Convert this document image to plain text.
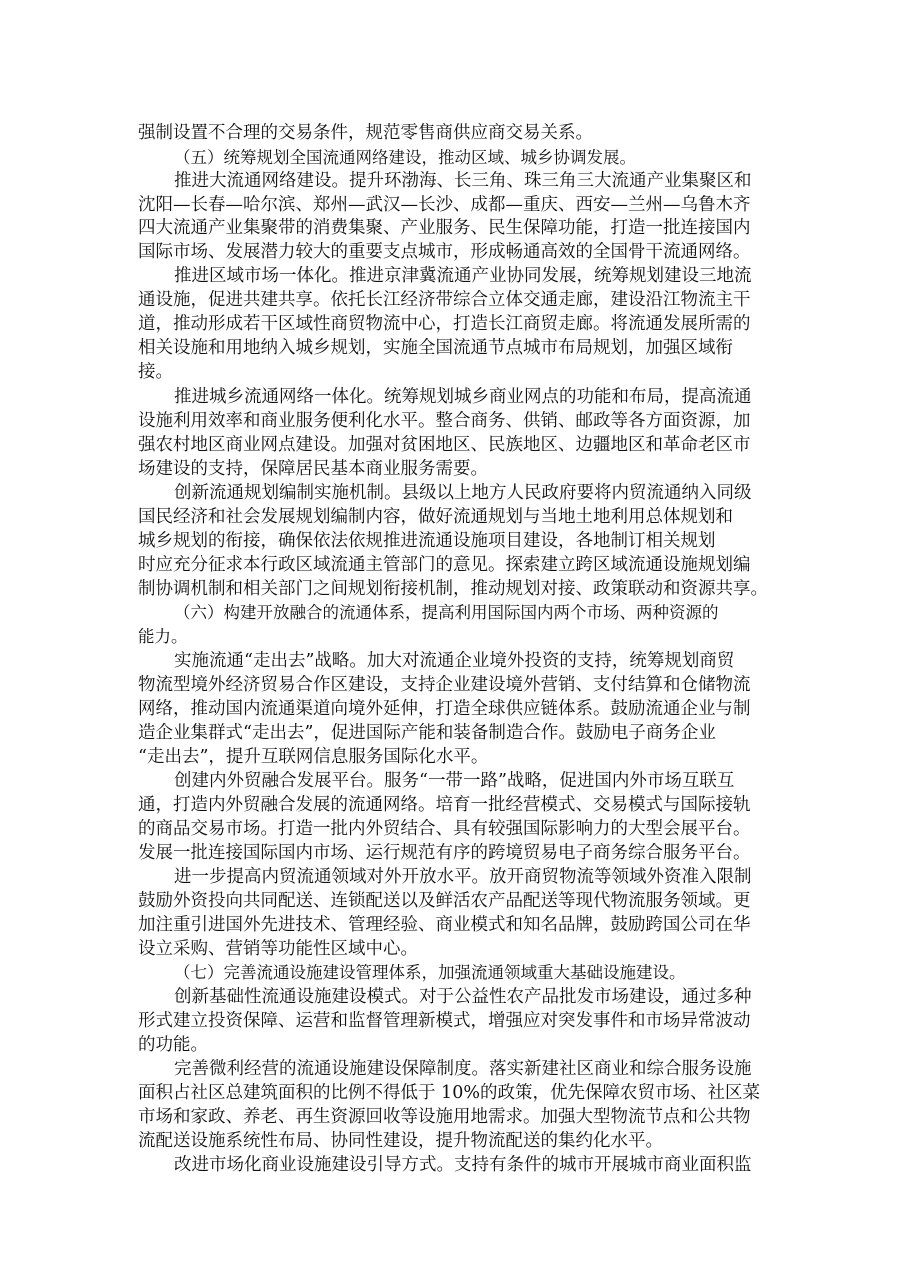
强制设置不合理的交易条件，规范零售商供应商交易关系。
（五）统筹规划全国流通网络建设，推动区域、城乡协调发展。
推进大流通网络建设。提升环渤海、长三角、珠三角三大流通产业集聚区和
沈阳—长春—哈尔滨、郑州—武汉—长沙、成都—重庆、西安—兰州—乌鲁木齐
四大流通产业集聚带的消费集聚、产业服务、民生保障功能，打造一批连接国内
国际市场、发展潜力较大的重要支点城市，形成畅通高效的全国骨干流通网络。
推进区域市场一体化。推进京津冀流通产业协同发展，统筹规划建设三地流
通设施，促进共建共享。依托长江经济带综合立体交通走廊，建设沿江物流主干
道，推动形成若干区域性商贸物流中心，打造长江商贸走廊。将流通发展所需的
相关设施和用地纳入城乡规划，实施全国流通节点城市布局规划，加强区域衔
接。
推进城乡流通网络一体化。统筹规划城乡商业网点的功能和布局，提高流通
设施利用效率和商业服务便利化水平。整合商务、供销、邮政等各方面资源，加
强农村地区商业网点建设。加强对贫困地区、民族地区、边疆地区和革命老区市
场建设的支持，保障居民基本商业服务需要。
创新流通规划编制实施机制。县级以上地方人民政府要将内贸流通纳入同级
国民经济和社会发展规划编制内容，做好流通规划与当地土地利用总体规划和
城乡规划的衔接，确保依法依规推进流通设施项目建设，各地制订相关规划
时应充分征求本行政区域流通主管部门的意见。探索建立跨区域流通设施规划编
制协调机制和相关部门之间规划衔接机制，推动规划对接、政策联动和资源共享。
（六）构建开放融合的流通体系，提高利用国际国内两个市场、两种资源的
能力。
实施流通“走出去”战略。加大对流通企业境外投资的支持，统筹规划商贸
物流型境外经济贸易合作区建设，支持企业建设境外营销、支付结算和仓储物流
网络，推动国内流通渠道向境外延伸，打造全球供应链体系。鼓励流通企业与制
造企业集群式“走出去”，促进国际产能和装备制造合作。鼓励电子商务企业
“走出去”，提升互联网信息服务国际化水平。
创建内外贸融合发展平台。服务“一带一路”战略，促进国内外市场互联互
通，打造内外贸融合发展的流通网络。培育一批经营模式、交易模式与国际接轨
的商品交易市场。打造一批内外贸结合、具有较强国际影响力的大型会展平台。
发展一批连接国际国内市场、运行规范有序的跨境贸易电子商务综合服务平台。
进一步提高内贸流通领域对外开放水平。放开商贸物流等领域外资准入限制
鼓励外资投向共同配送、连锁配送以及鲜活农产品配送等现代物流服务领域。更
加注重引进国外先进技术、管理经验、商业模式和知名品牌，鼓励跨国公司在华
设立采购、营销等功能性区域中心。
（七）完善流通设施建设管理体系，加强流通领域重大基础设施建设。
创新基础性流通设施建设模式。对于公益性农产品批发市场建设，通过多种
形式建立投资保障、运营和监督管理新模式，增强应对突发事件和市场异常波动
的功能。
完善微利经营的流通设施建设保障制度。落实新建社区商业和综合服务设施
面积占社区总建筑面积的比例不得低于 10%的政策，优先保障农贸市场、社区菜
市场和家政、养老、再生资源回收等设施用地需求。加强大型物流节点和公共物
流配送设施系统性布局、协同性建设，提升物流配送的集约化水平。
改进市场化商业设施建设引导方式。支持有条件的城市开展城市商业面积监
